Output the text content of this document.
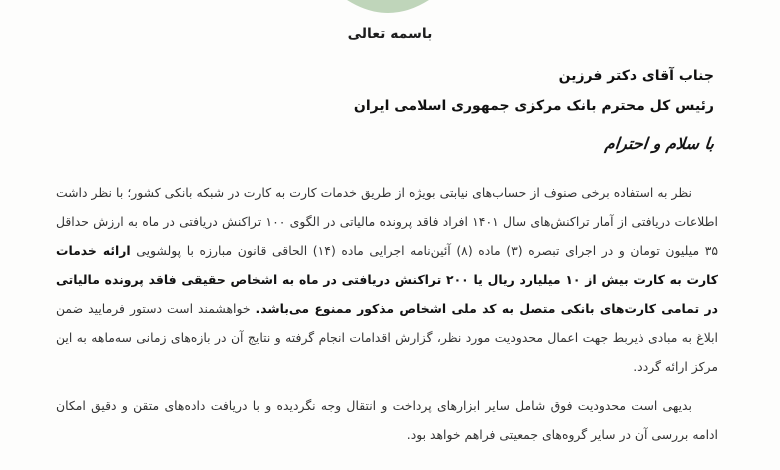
باسمه تعالی
جناب آقای دکتر فرزین
رئیس کل محترم بانک مرکزی جمهوری اسلامی ایران
با سلام و احترام

نظر به استفاده برخی صنوف از حساب‌های نیابتی بویژه از طریق خدمات کارت به کارت در شبکه بانکی کشور؛ با نظر داشت اطلاعات دریافتی از آمار تراکنش‌های سال ۱۴۰۱ افراد فاقد پرونده مالیاتی در الگوی ۱۰۰ تراکنش دریافتی در ماه به ارزش حداقل ۳۵ میلیون تومان و در اجرای تبصره (۳) ماده (۸) آئین‌نامه اجرایی ماده (۱۴) الحاقی قانون مبارزه با پولشویی ارائه خدمات کارت به کارت بیش از ۱۰ میلیارد ریال یا ۲۰۰ تراکنش دریافتی در ماه به اشخاص حقیقی فاقد پرونده مالیاتی در تمامی کارت‌های بانکی متصل به کد ملی اشخاص مذکور ممنوع می‌باشد. خواهشمند است دستور فرمایید ضمن ابلاغ به مبادی ذیربط جهت اعمال محدودیت مورد نظر، گزارش اقدامات انجام گرفته و نتایج آن در بازه‌های زمانی سه‌ماهه به این مرکز ارائه گردد.

بدیهی است محدودیت فوق شامل سایر ابزارهای پرداخت و انتقال وجه نگردیده و با دریافت داده‌های متقن و دقیق امکان ادامه بررسی آن در سایر گروه‌های جمعیتی فراهم خواهد بود.
